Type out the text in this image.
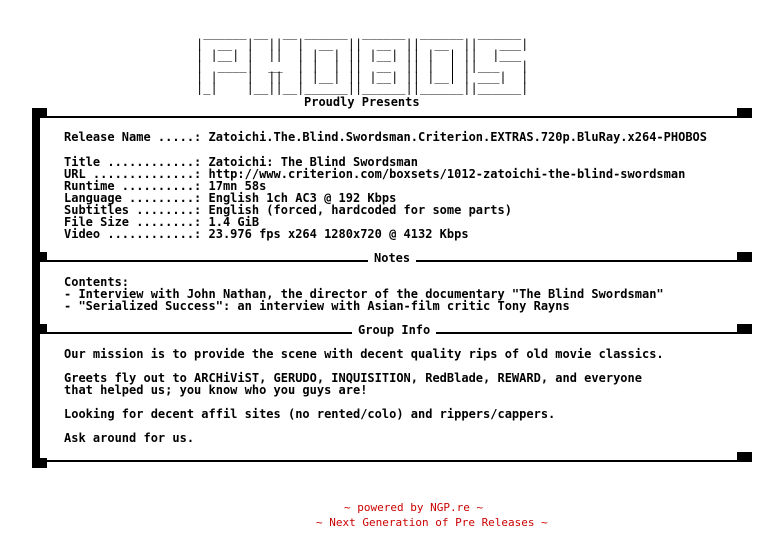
______ __  __ ______  ______  ______  ______
|  __  |  ||  |  __  ||  __  ||  __  ||   ___|
| |__| |  ||  | |  | || |__| || |  | ||  |___
|  ____|  __  | |  | ||  __  || |  | ||___   |
| |    |  ||  | |__| || |__| || |__| | ___|  |
|_|    |__||__|______||______||______||______|
Proudly Presents
Release Name .....: Zatoichi.The.Blind.Swordsman.Criterion.EXTRAS.720p.BluRay.x264-PHOBOS
Title ............: Zatoichi: The Blind Swordsman
URL ..............: http://www.criterion.com/boxsets/1012-zatoichi-the-blind-swordsman
Runtime ..........: 17mn 58s
Language .........: English 1ch AC3 @ 192 Kbps
Subtitles ........: English (forced, hardcoded for some parts)
File Size ........: 1.4 GiB
Video ............: 23.976 fps x264 1280x720 @ 4132 Kbps
Notes
Contents:
- Interview with John Nathan, the director of the documentary "The Blind Swordsman"
- "Serialized Success": an interview with Asian-film critic Tony Rayns
Group Info
Our mission is to provide the scene with decent quality rips of old movie classics.

Greets fly out to ARCHiViST, GERUDO, INQUISITION, RedBlade, REWARD, and everyone
that helped us; you know who you guys are!

Looking for decent affil sites (no rented/colo) and rippers/cappers.

Ask around for us.
~ powered by NGP.re ~
~ Next Generation of Pre Releases ~
